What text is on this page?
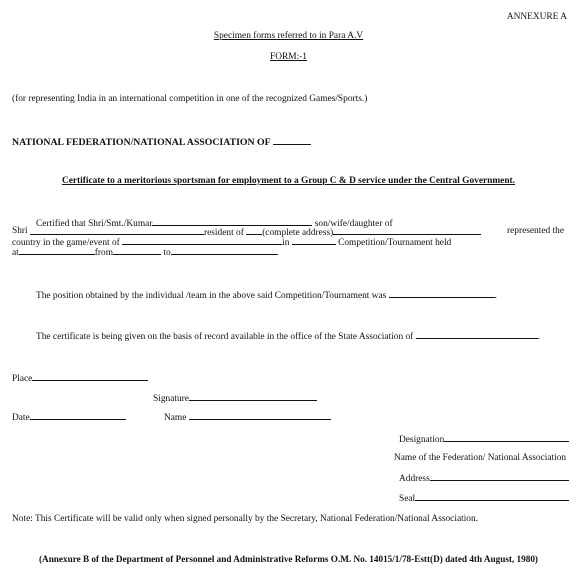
ANNEXURE A
Specimen forms referred to in Para A.V
FORM:-1
(for representing India in an international competition in one of the recognized Games/Sports.)
NATIONAL FEDERATION/NATIONAL ASSOCIATION OF
Certificate to a meritorious sportsman for employment to a Group C & D service under the Central Government.
Certified that Shri/Smt./Kumar	son/wife/daughter of
Shri	resident of (complete address)	represented the
country in the game/event of	in	Competition/Tournament held
at	from	to	.
The position obtained by the individual /team in the above said Competition/Tournament was	.
The certificate is being given on the basis of record available in the office of the State Association of	.
Place
Signature
Date	Name
Designation
Name of the Federation/ National Association
Address
Seal
Note: This Certificate will be valid only when signed personally by the Secretary, National Federation/National Association.
(Annexure B of the Department of Personnel and Administrative Reforms O.M. No. 14015/1/78-Estt(D) dated 4th August, 1980)
